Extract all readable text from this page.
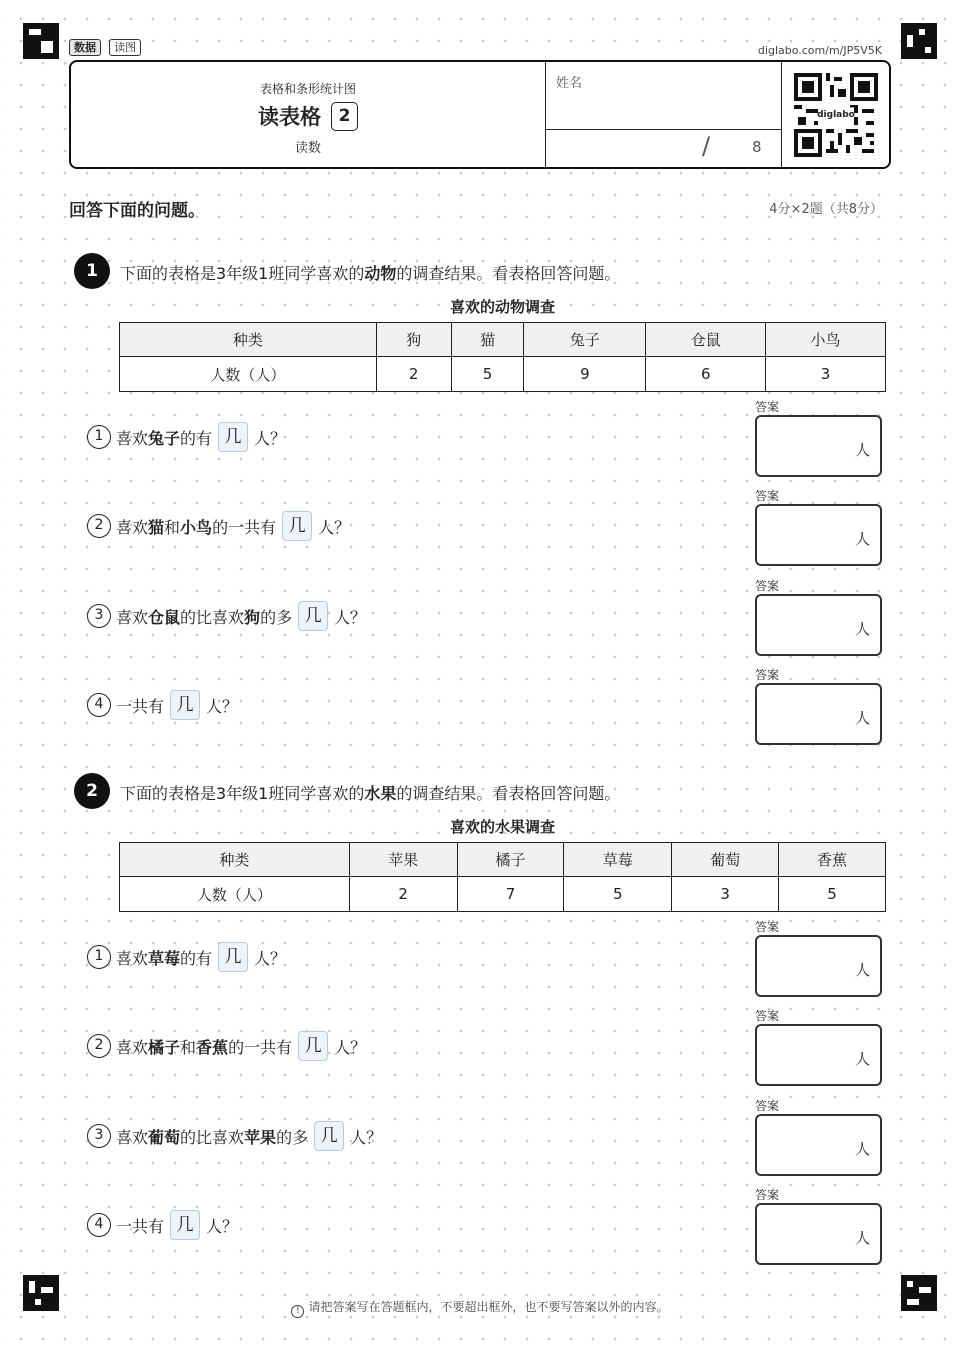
数据 读图	diglabo.com/m/JP5V5K
表格和条形统计图
读表格	2
读数
姓名
/	8
diglabo
回答下面的问题。	4分×2题（共8分）
1	下面的表格是3年级1班同学喜欢的动物的调查结果。看表格回答问题。
喜欢的动物调查
种类	狗	猫	兔子	仓鼠	小鸟
人数（人）	2	5	9	6	3
1 喜欢 兔子 的有 几 人？
2 喜欢 猫 和 小鸟 的一共有 几 人？
3 喜欢 仓鼠 的比喜欢 狗 的多 几 人？
4 一共有 几 人？
答案
人
答案
人
答案
人
答案
人
2	下面的表格是3年级1班同学喜欢的水果的调查结果。看表格回答问题。
喜欢的水果调查
种类	苹果	橘子	草莓	葡萄	香蕉
人数（人）	2	7	5	3	5
1 喜欢 草莓 的有 几 人？
2 喜欢 橘子 和 香蕉 的一共有 几 人？
3 喜欢 葡萄 的比喜欢 苹果 的多 几 人？
4 一共有 几 人？
答案
人
答案
人
答案
人
答案
人
! 请把答案写在答题框内，不要超出框外，也不要写答案以外的内容。
